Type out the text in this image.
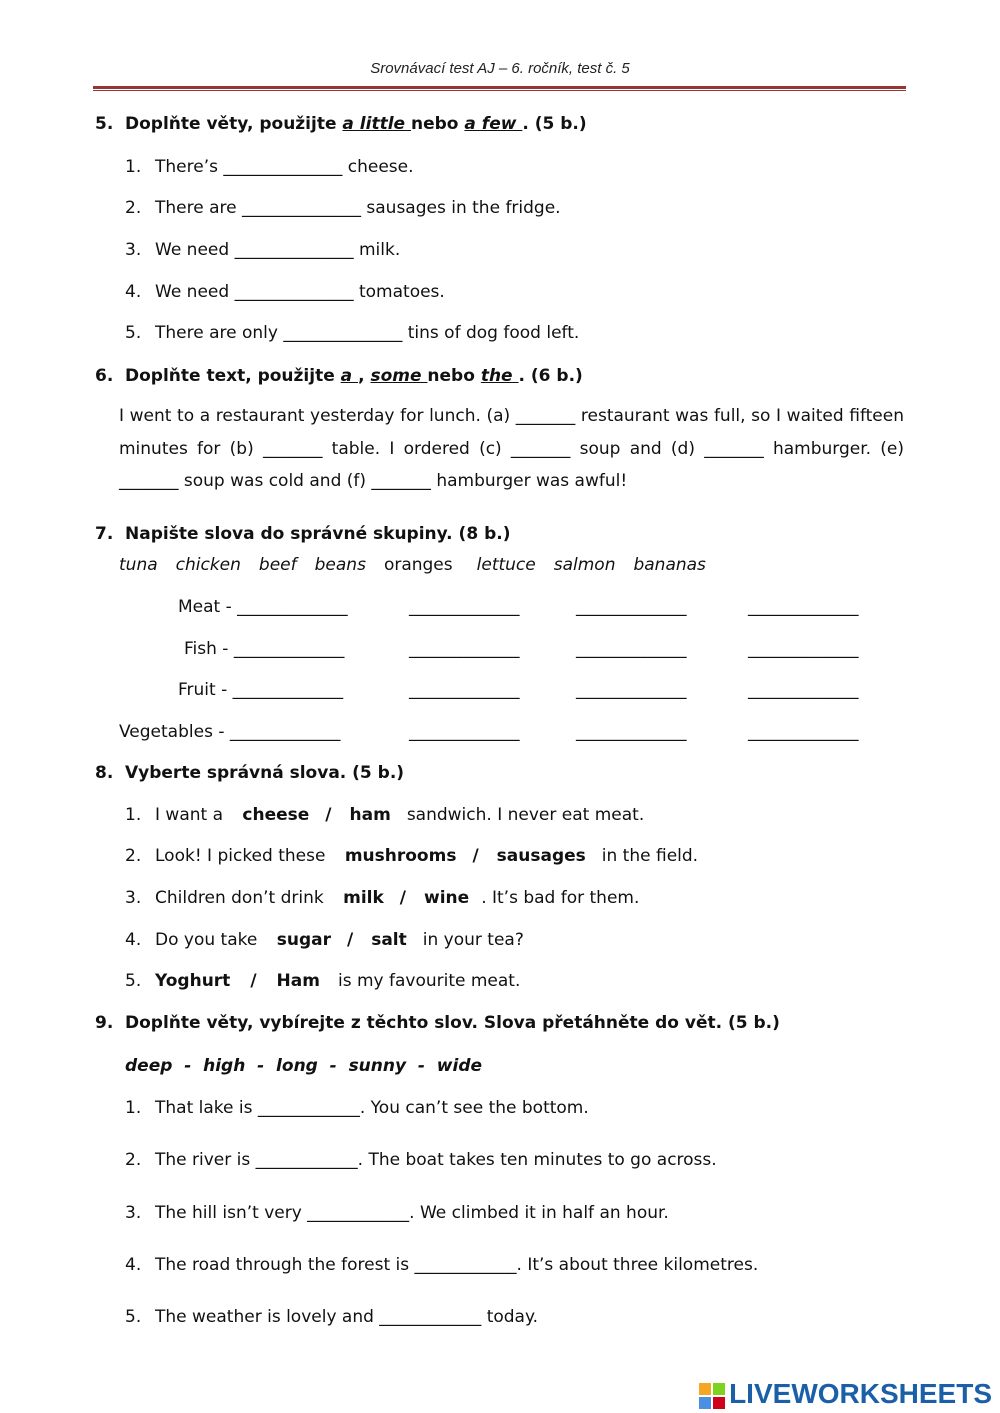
Srovnávací test AJ – 6. ročník, test č. 5
5. Doplňte věty, použijte a little nebo a few . (5 b.)
1. There’s ______________ cheese.
2. There are ______________ sausages in the fridge.
3. We need ______________ milk.
4. We need ______________ tomatoes.
5. There are only ______________ tins of dog food left.
6. Doplňte text, použijte a , some nebo the . (6 b.)
I went to a restaurant yesterday for lunch. (a) _______ restaurant was full, so I waited fifteen minutes for (b) _______ table. I ordered (c) _______ soup and (d) _______ hamburger. (e) _______ soup was cold and (f) _______ hamburger was awful!
7. Napište slova do správné skupiny. (8 b.)
tuna chicken beef beans oranges lettuce salmon bananas
Meat - _____________	_____________	_____________	_____________
Fish - _____________	_____________	_____________	_____________
Fruit - _____________	_____________	_____________	_____________
Vegetables - _____________	_____________	_____________	_____________
8. Vyberte správná slova. (5 b.)
1. I want a cheese / ham sandwich. I never eat meat.
2. Look! I picked these mushrooms / sausages in the field.
3. Children don’t drink milk / wine . It’s bad for them.
4. Do you take sugar / salt in your tea?
5. Yoghurt / Ham is my favourite meat.
9. Doplňte věty, vybírejte z těchto slov. Slova přetáhněte do vět. (5 b.)
deep  -  high  -  long  -  sunny  -  wide
1. That lake is ____________. You can’t see the bottom.
2. The river is ____________. The boat takes ten minutes to go across.
3. The hill isn’t very ____________. We climbed it in half an hour.
4. The road through the forest is ____________. It’s about three kilometres.
5. The weather is lovely and ____________ today.
LIVEWORKSHEETS
